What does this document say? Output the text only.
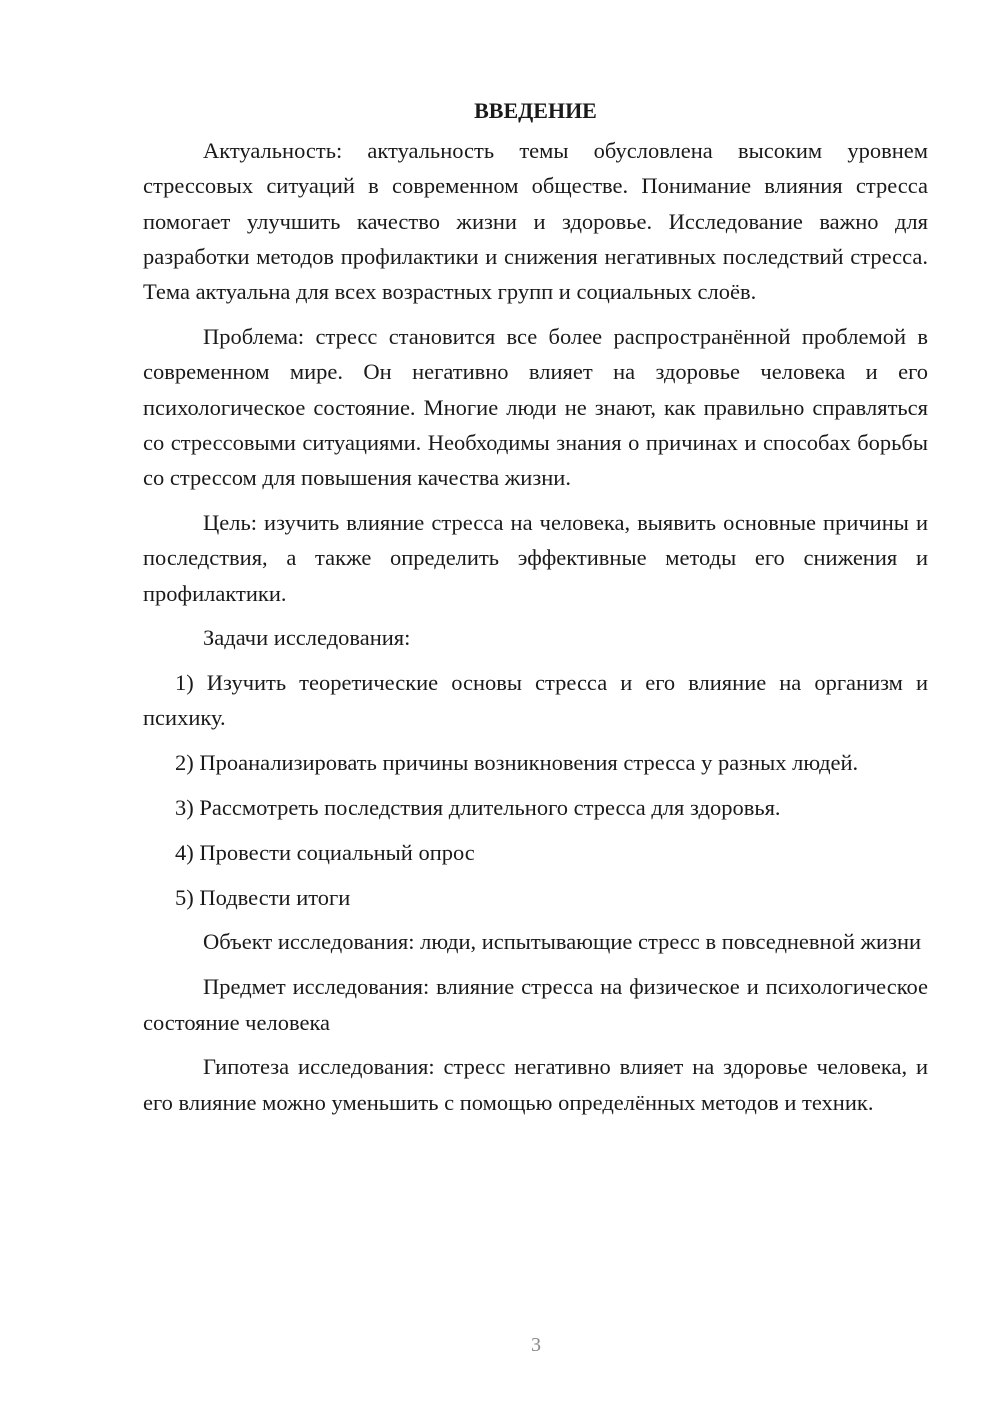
ВВЕДЕНИЕ

Актуальность: актуальность темы обусловлена высоким уровнем стрессовых ситуаций в современном обществе. Понимание влияния стресса помогает улучшить качество жизни и здоровье. Исследование важно для разработки методов профилактики и снижения негативных последствий стресса. Тема актуальна для всех возрастных групп и социальных слоёв.

Проблема: стресс становится все более распространённой проблемой в современном мире. Он негативно влияет на здоровье человека и его психологическое состояние. Многие люди не знают, как правильно справляться со стрессовыми ситуациями. Необходимы знания о причинах и способах борьбы со стрессом для повышения качества жизни.

Цель: изучить влияние стресса на человека, выявить основные причины и последствия, а также определить эффективные методы его снижения и профилактики.

Задачи исследования:

1) Изучить теоретические основы стресса и его влияние на организм и психику.

2) Проанализировать причины возникновения стресса у разных людей.

3) Рассмотреть последствия длительного стресса для здоровья.

4) Провести социальный опрос

5) Подвести итоги

Объект исследования: люди, испытывающие стресс в повседневной жизни

Предмет исследования: влияние стресса на физическое и психологическое состояние человека

Гипотеза исследования: стресс негативно влияет на здоровье человека, и его влияние можно уменьшить с помощью определённых методов и техник.

3
